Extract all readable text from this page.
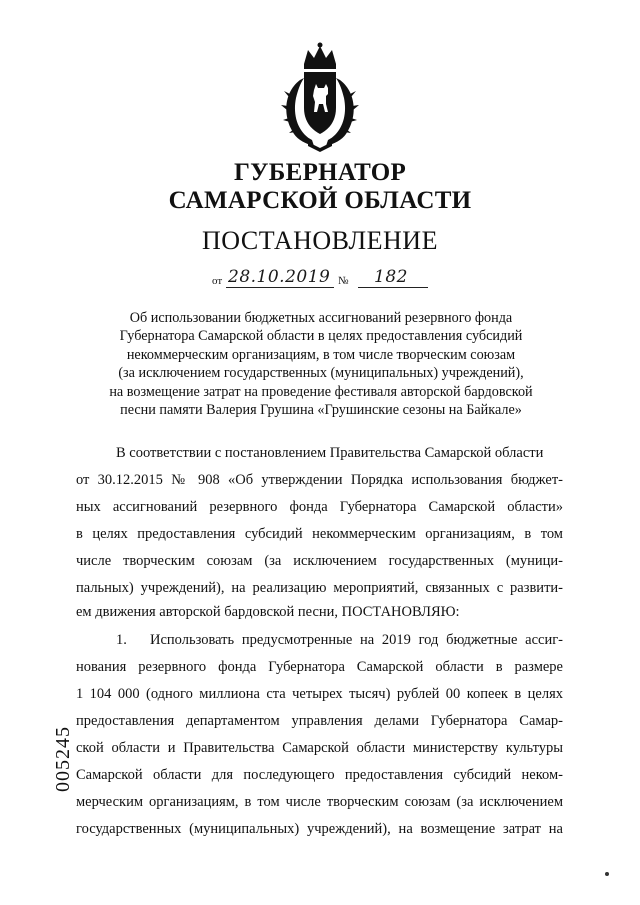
ГУБЕРНАТОР
САМАРСКОЙ ОБЛАСТИ
ПОСТАНОВЛЕНИЕ
от 28.10.2019 № 182
Об использовании бюджетных ассигнований резервного фонда
Губернатора Самарской области в целях предоставления субсидий
некоммерческим организациям, в том числе творческим союзам
(за исключением государственных (муниципальных) учреждений),
на возмещение затрат на проведение фестиваля авторской бардовской
песни памяти Валерия Грушина «Грушинские сезоны на Байкале»
В соответствии с постановлением Правительства Самарской области
от 30.12.2015 № 908 «Об утверждении Порядка использования бюджет-
ных ассигнований резервного фонда Губернатора Самарской области»
в целях предоставления субсидий некоммерческим организациям, в том
числе творческим союзам (за исключением государственных (муници-
пальных) учреждений), на реализацию мероприятий, связанных с развити-
ем движения авторской бардовской песни, ПОСТАНОВЛЯЮ:
1. Использовать предусмотренные на 2019 год бюджетные ассиг-
нования резервного фонда Губернатора Самарской области в размере
1 104 000 (одного миллиона ста четырех тысяч) рублей 00 копеек в целях
предоставления департаментом управления делами Губернатора Самар-
ской области и Правительства Самарской области министерству культуры
Самарской области для последующего предоставления субсидий неком-
мерческим организациям, в том числе творческим союзам (за исключением
государственных (муниципальных) учреждений), на возмещение затрат на
005245
